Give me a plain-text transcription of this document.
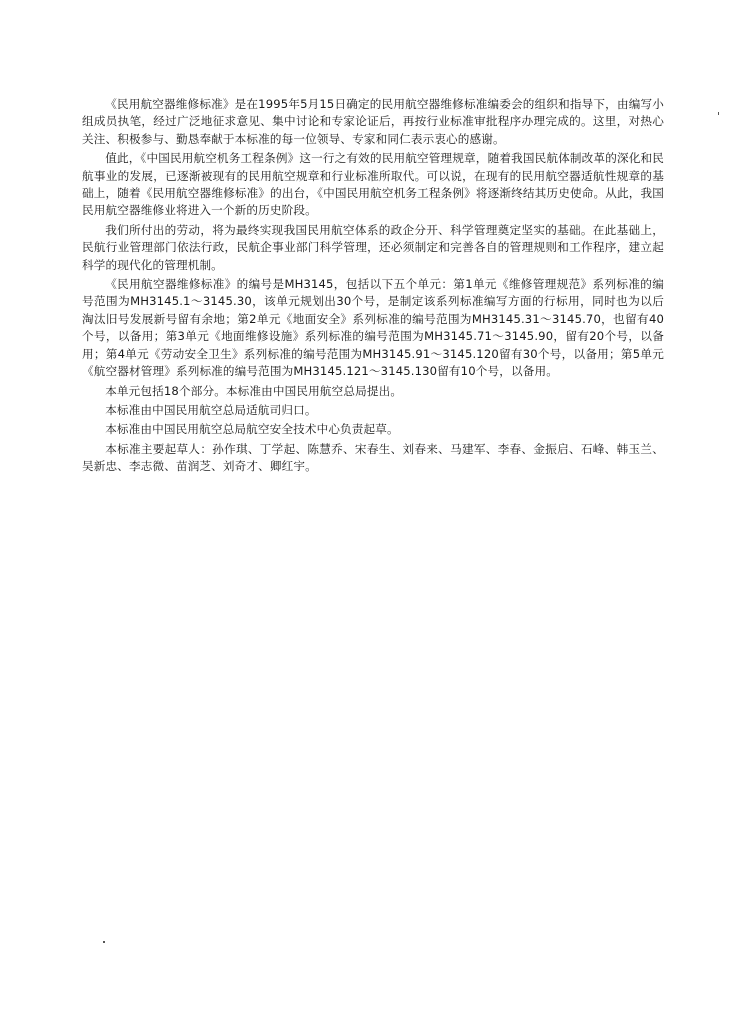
《民用航空器维修标准》是在1995年5月15日确定的民用航空器维修标准编委会的组织和指导下，由编写小组成员执笔，经过广泛地征求意见、集中讨论和专家论证后，再按行业标准审批程序办理完成的。这里，对热心关注、积极参与、勤恳奉献于本标准的每一位领导、专家和同仁表示衷心的感谢。

值此，《中国民用航空机务工程条例》这一行之有效的民用航空管理规章，随着我国民航体制改革的深化和民航事业的发展，已逐渐被现有的民用航空规章和行业标准所取代。可以说，在现有的民用航空器适航性规章的基础上，随着《民用航空器维修标准》的出台，《中国民用航空机务工程条例》将逐渐终结其历史使命。从此，我国民用航空器维修业将进入一个新的历史阶段。

我们所付出的劳动，将为最终实现我国民用航空体系的政企分开、科学管理奠定坚实的基础。在此基础上，民航行业管理部门依法行政，民航企事业部门科学管理，还必须制定和完善各自的管理规则和工作程序，建立起科学的现代化的管理机制。

《民用航空器维修标准》的编号是MH3145，包括以下五个单元：第1单元《维修管理规范》系列标准的编号范围为MH3145.1～3145.30，该单元规划出30个号，是制定该系列标准编写方面的行标用，同时也为以后淘汰旧号发展新号留有余地；第2单元《地面安全》系列标准的编号范围为MH3145.31～3145.70，也留有40个号，以备用；第3单元《地面维修设施》系列标准的编号范围为MH3145.71～3145.90，留有20个号，以备用；第4单元《劳动安全卫生》系列标准的编号范围为MH3145.91～3145.120留有30个号，以备用；第5单元《航空器材管理》系列标准的编号范围为MH3145.121～3145.130留有10个号，以备用。

本单元包括18个部分。本标准由中国民用航空总局提出。

本标准由中国民用航空总局适航司归口。

本标准由中国民用航空总局航空安全技术中心负责起草。

本标准主要起草人：孙作琪、丁学起、陈慧乔、宋春生、刘春来、马建军、李春、金振启、石峰、韩玉兰、吴新忠、李志微、苗润芝、刘奇才、卿红宇。
